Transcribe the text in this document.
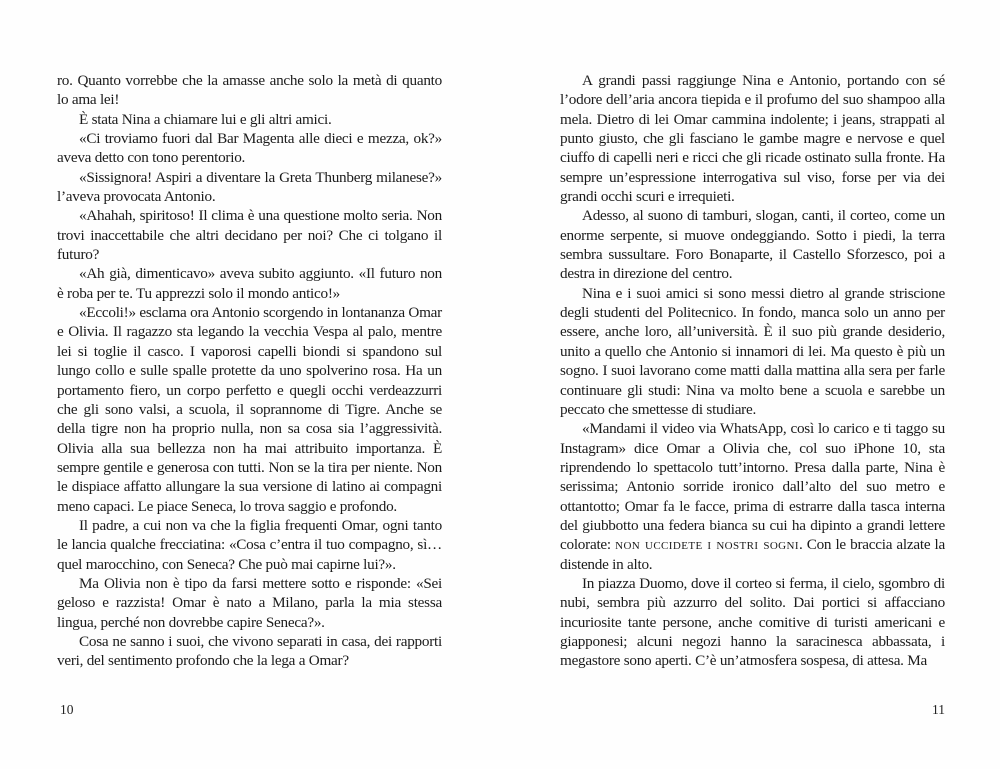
ro. Quanto vorrebbe che la amasse anche solo la metà di quanto lo ama lei!

È stata Nina a chiamare lui e gli altri amici.

«Ci troviamo fuori dal Bar Magenta alle dieci e mezza, ok?» aveva detto con tono perentorio.

«Sissignora! Aspiri a diventare la Greta Thunberg milanese?» l’aveva provocata Antonio.

«Ahahah, spiritoso! Il clima è una questione molto seria. Non trovi inaccettabile che altri decidano per noi? Che ci tolgano il futuro?

«Ah già, dimenticavo» aveva subito aggiunto. «Il futuro non è roba per te. Tu apprezzi solo il mondo antico!»

«Eccoli!» esclama ora Antonio scorgendo in lontananza Omar e Olivia. Il ragazzo sta legando la vecchia Vespa al palo, mentre lei si toglie il casco. I vaporosi capelli biondi si spandono sul lungo collo e sulle spalle protette da uno spolverino rosa. Ha un portamento fiero, un corpo perfetto e quegli occhi verdeazzurri che gli sono valsi, a scuola, il soprannome di Tigre. Anche se della tigre non ha proprio nulla, non sa cosa sia l’aggressività. Olivia alla sua bellezza non ha mai attribuito importanza. È sempre gentile e generosa con tutti. Non se la tira per niente. Non le dispiace affatto allungare la sua versione di latino ai compagni meno capaci. Le piace Seneca, lo trova saggio e profondo.

Il padre, a cui non va che la figlia frequenti Omar, ogni tanto le lancia qualche frecciatina: «Cosa c’entra il tuo compagno, sì… quel marocchino, con Seneca? Che può mai capirne lui?».

Ma Olivia non è tipo da farsi mettere sotto e risponde: «Sei geloso e razzista! Omar è nato a Milano, parla la mia stessa lingua, perché non dovrebbe capire Seneca?».

Cosa ne sanno i suoi, che vivono separati in casa, dei rapporti veri, del sentimento profondo che la lega a Omar?

10

A grandi passi raggiunge Nina e Antonio, portando con sé l’odore dell’aria ancora tiepida e il profumo del suo shampoo alla mela. Dietro di lei Omar cammina indolente; i jeans, strappati al punto giusto, che gli fasciano le gambe magre e nervose e quel ciuffo di capelli neri e ricci che gli ricade ostinato sulla fronte. Ha sempre un’espressione interrogativa sul viso, forse per via dei grandi occhi scuri e irrequieti.

Adesso, al suono di tamburi, slogan, canti, il corteo, come un enorme serpente, si muove ondeggiando. Sotto i piedi, la terra sembra sussultare. Foro Bonaparte, il Castello Sforzesco, poi a destra in direzione del centro.

Nina e i suoi amici si sono messi dietro al grande striscione degli studenti del Politecnico. In fondo, manca solo un anno per essere, anche loro, all’università. È il suo più grande desiderio, unito a quello che Antonio si innamori di lei. Ma questo è più un sogno. I suoi lavorano come matti dalla mattina alla sera per farle continuare gli studi: Nina va molto bene a scuola e sarebbe un peccato che smettesse di studiare.

«Mandami il video via WhatsApp, così lo carico e ti taggo su Instagram» dice Omar a Olivia che, col suo iPhone 10, sta riprendendo lo spettacolo tutt’intorno. Presa dalla parte, Nina è serissima; Antonio sorride ironico dall’alto del suo metro e ottantotto; Omar fa le facce, prima di estrarre dalla tasca interna del giubbotto una federa bianca su cui ha dipinto a grandi lettere colorate: non uccidete i nostri sogni. Con le braccia alzate la distende in alto.

In piazza Duomo, dove il corteo si ferma, il cielo, sgombro di nubi, sembra più azzurro del solito. Dai portici si affacciano incuriosite tante persone, anche comitive di turisti americani e giapponesi; alcuni negozi hanno la saracinesca abbassata, i megastore sono aperti. C’è un’atmosfera sospesa, di attesa. Ma

11
